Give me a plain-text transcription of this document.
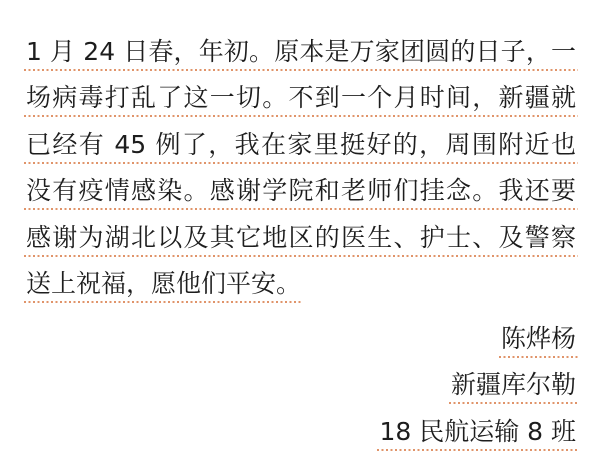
1 月 24 日春，年初。原本是万家团圆的日子，一
场病毒打乱了这一切。不到一个月时间，新疆就
已经有 45 例了，我在家里挺好的，周围附近也
没有疫情感染。感谢学院和老师们挂念。我还要
感谢为湖北以及其它地区的医生、护士、及警察
送上祝福，愿他们平安。
陈烨杨
新疆库尔勒
18 民航运输 8 班
